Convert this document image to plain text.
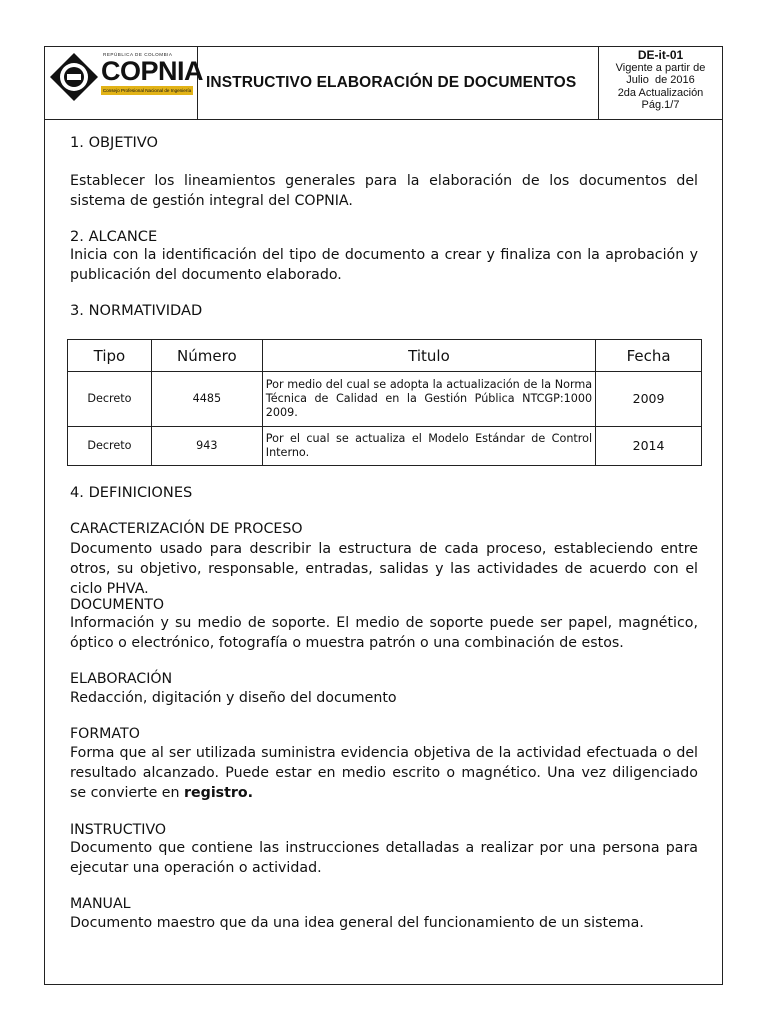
REPÚBLICA DE COLOMBIA
COPNIA
Consejo Profesional Nacional de Ingeniería INSTRUCTIVO ELABORACIÓN DE DOCUMENTOS
DE-it-01
Vigente a partir de
Julio  de 2016
2da Actualización
Pág.1/7
1. OBJETIVO
Establecer los lineamientos generales para la elaboración de los documentos del sistema de gestión integral del COPNIA.
2. ALCANCE
Inicia con la identificación del tipo de documento a crear y finaliza con la aprobación y publicación del documento elaborado.
3. NORMATIVIDAD
Tipo	Número	Titulo	Fecha
Decreto	4485	Por medio del cual se adopta la actualización de la Norma Técnica de Calidad en la Gestión Pública NTCGP:1000 2009.	2009
Decreto	943	Por el cual se actualiza el Modelo Estándar de Control Interno.	2014
4. DEFINICIONES
CARACTERIZACIÓN DE PROCESO
Documento usado para describir la estructura de cada proceso, estableciendo entre otros, su objetivo, responsable, entradas, salidas y las actividades de acuerdo con el ciclo PHVA.
DOCUMENTO
Información y su medio de soporte. El medio de soporte puede ser papel, magnético, óptico o electrónico, fotografía o muestra patrón o una combinación de estos.
ELABORACIÓN
Redacción, digitación y diseño del documento
FORMATO
Forma que al ser utilizada suministra evidencia objetiva de la actividad efectuada o del resultado alcanzado. Puede estar en medio escrito o magnético. Una vez diligenciado se convierte en registro.
INSTRUCTIVO
Documento que contiene las instrucciones detalladas a realizar por una persona para ejecutar una operación o actividad.
MANUAL
Documento maestro que da una idea general del funcionamiento de un sistema.
